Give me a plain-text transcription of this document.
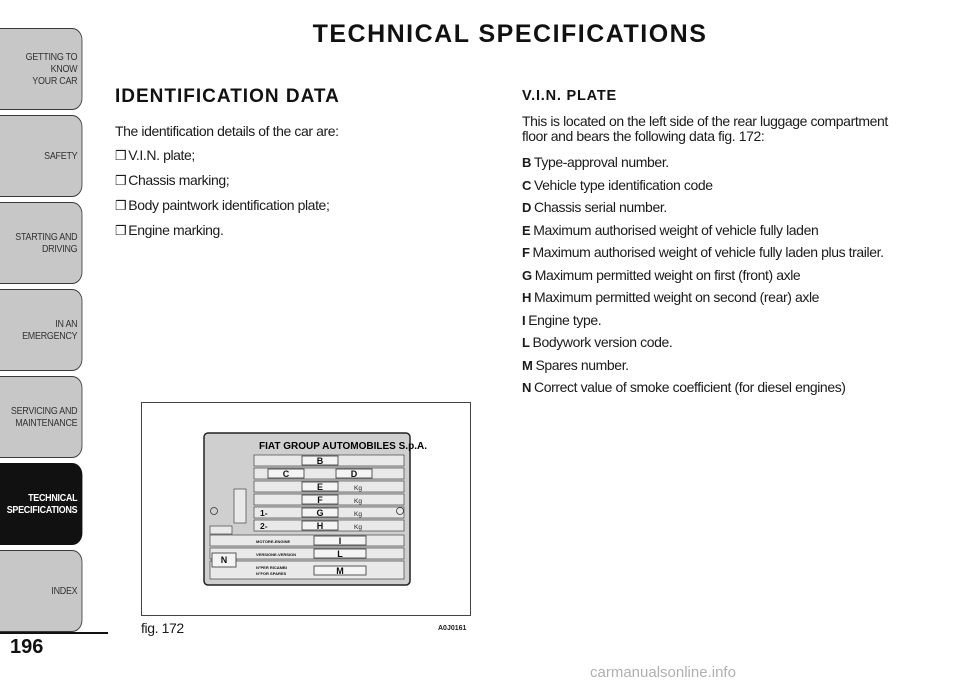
GETTING TO KNOW
YOUR CAR
SAFETY
STARTING AND
DRIVING
IN AN EMERGENCY
SERVICING AND
MAINTENANCE
TECHNICAL
SPECIFICATIONS
INDEX
196
TECHNICAL SPECIFICATIONS
IDENTIFICATION DATA	V.I.N. PLATE

The identification details of the car are:

❒ V.I.N. plate;
❒ Chassis marking;
❒ Body paintwork identification plate;
❒ Engine marking.

This is located on the left side of the rear luggage compartment floor and bears the following data fig. 172:

B Type-approval number.
C Vehicle type identification code
D Chassis serial number.
E Maximum authorised weight of vehicle fully laden
F Maximum authorised weight of vehicle fully laden plus trailer.
G Maximum permitted weight on first (front) axle
H Maximum permitted weight on second (rear) axle
I Engine type.
L Bodywork version code.
M Spares number.
N Correct value of smoke coefficient (for diesel engines)
FIAT GROUP AUTOMOBILES S.p.A.
B
C	D
E
F
G
H
I
L
M
N
Kg
Kg
Kg
Kg
1-
2-
MOTORE-ENGINE
VERSIONE-VERSION
N°PER RICAMBI
N°FOR SPARES
fig. 172	A0J0161
carmanualsonline.info
